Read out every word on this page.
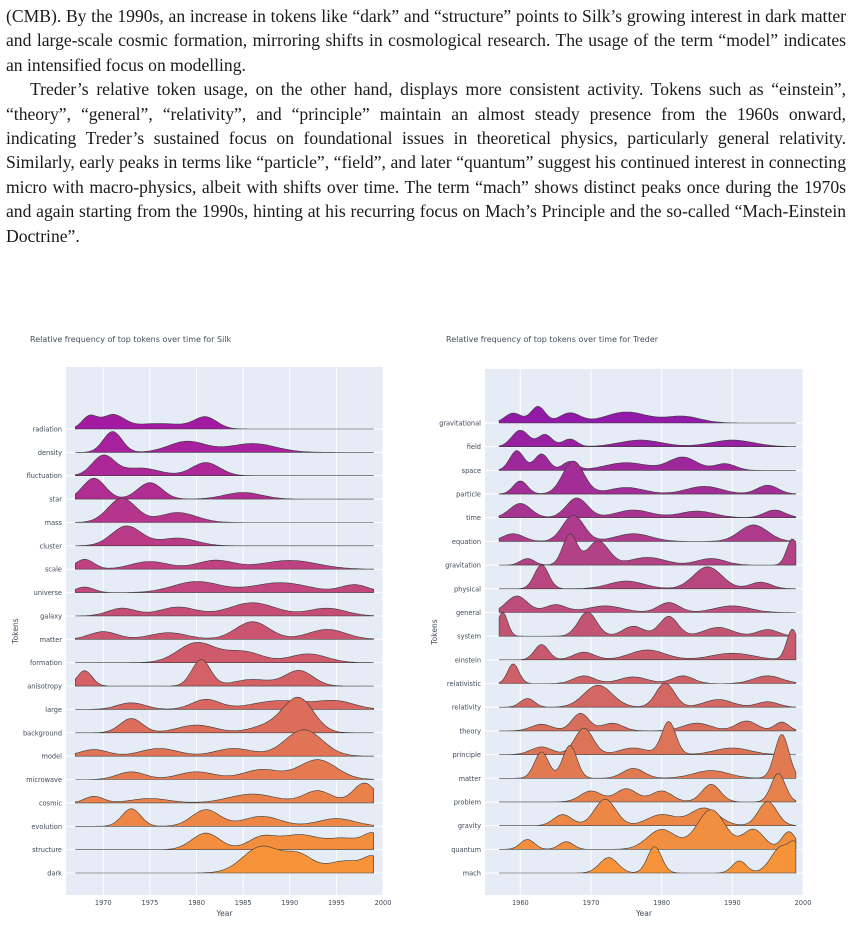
(CMB). By the 1990s, an increase in tokens like “dark” and “structure” points to Silk’s growing interest in dark matter and large-scale cosmic formation, mirroring shifts in cosmological research. The usage of the term “model” indicates an intensified focus on modelling.

Treder’s relative token usage, on the other hand, displays more consistent activity. Tokens such as “einstein”, “theory”, “general”, “relativity”, and “principle” maintain an almost steady presence from the 1960s onward, indicating Treder’s sustained focus on foundational issues in theoretical physics, particularly general relativity. Similarly, early peaks in terms like “particle”, “field”, and later “quantum” suggest his continued interest in connecting micro with macro-physics, albeit with shifts over time. The term “mach” shows distinct peaks once during the 1970s and again starting from the 1990s, hinting at his recurring focus on Mach’s Principle and the so-called “Mach-Einstein Doctrine”.

Relative frequency of top tokens over time for Silk	Relative frequency of top tokens over time for Treder
radiation
density
fluctuation
star
mass
cluster
scale
universe
galaxy
matter
formation
anisotropy
large
background
model
microwave
cosmic
evolution
structure
dark
1970	1975	1980	1985	1990	1995	2000
Year
Tokens
gravitational
field
space
particle
time
equation
gravitation
physical
general
system
einstein
relativistic
relativity
theory
principle
matter
problem
gravity
quantum
mach
1960	1970	1980	1990	2000
Year
Tokens
